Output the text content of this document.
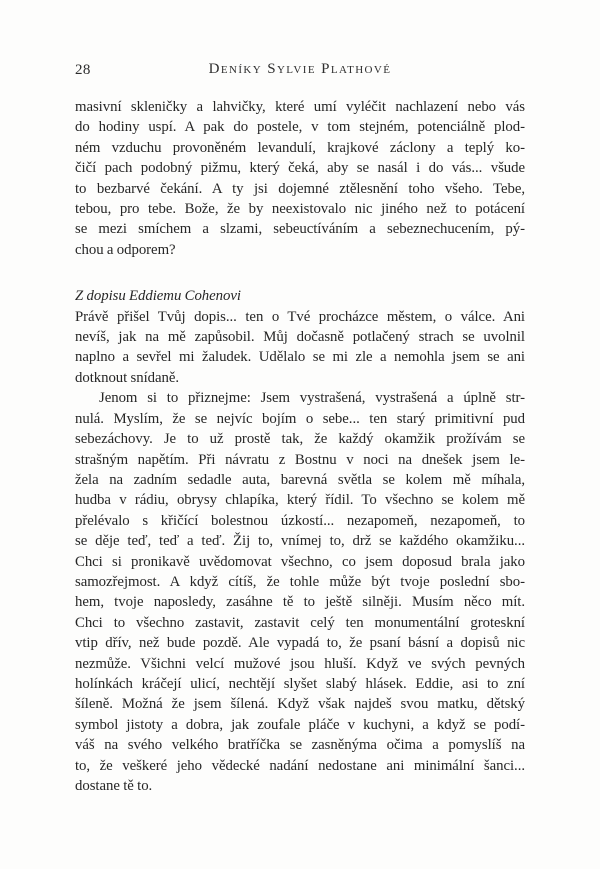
28	Deníky Sylvie Plathové
masivní skleničky a lahvičky, které umí vyléčit nachlazení nebo vás
do hodiny uspí. A pak do postele, v tom stejném, potenciálně plod-
ném vzduchu provoněném levandulí, krajkové záclony a teplý ko-
čičí pach podobný pižmu, který čeká, aby se nasál i do vás... všude
to bezbarvé čekání. A ty jsi dojemné ztělesnění toho všeho. Tebe,
tebou, pro tebe. Bože, že by neexistovalo nic jiného než to potácení
se mezi smíchem a slzami, sebeuctíváním a sebeznechucením, pý-
chou a odporem?
Z dopisu Eddiemu Cohenovi
Právě přišel Tvůj dopis... ten o Tvé procházce městem, o válce. Ani
nevíš, jak na mě zapůsobil. Můj dočasně potlačený strach se uvolnil
naplno a sevřel mi žaludek. Udělalo se mi zle a nemohla jsem se ani
dotknout snídaně.
Jenom si to přiznejme: Jsem vystrašená, vystrašená a úplně str-
nulá. Myslím, že se nejvíc bojím o sebe... ten starý primitivní pud
sebezáchovy. Je to už prostě tak, že každý okamžik prožívám se
strašným napětím. Při návratu z Bostnu v noci na dnešek jsem le-
žela na zadním sedadle auta, barevná světla se kolem mě míhala,
hudba v rádiu, obrysy chlapíka, který řídil. To všechno se kolem mě
přelévalo s křičící bolestnou úzkostí... nezapomeň, nezapomeň, to
se děje teď, teď a teď. Žij to, vnímej to, drž se každého okamžiku...
Chci si pronikavě uvědomovat všechno, co jsem doposud brala jako
samozřejmost. A když cítíš, že tohle může být tvoje poslední sbo-
hem, tvoje naposledy, zasáhne tě to ještě silněji. Musím něco mít.
Chci to všechno zastavit, zastavit celý ten monumentální groteskní
vtip dřív, než bude pozdě. Ale vypadá to, že psaní básní a dopisů nic
nezmůže. Všichni velcí mužové jsou hluší. Když ve svých pevných
holínkách kráčejí ulicí, nechtějí slyšet slabý hlásek. Eddie, asi to zní
šíleně. Možná že jsem šílená. Když však najdeš svou matku, dětský
symbol jistoty a dobra, jak zoufale pláče v kuchyni, a když se podí-
váš na svého velkého bratříčka se zasněnýma očima a pomyslíš na
to, že veškeré jeho vědecké nadání nedostane ani minimální šanci...
dostane tě to.
